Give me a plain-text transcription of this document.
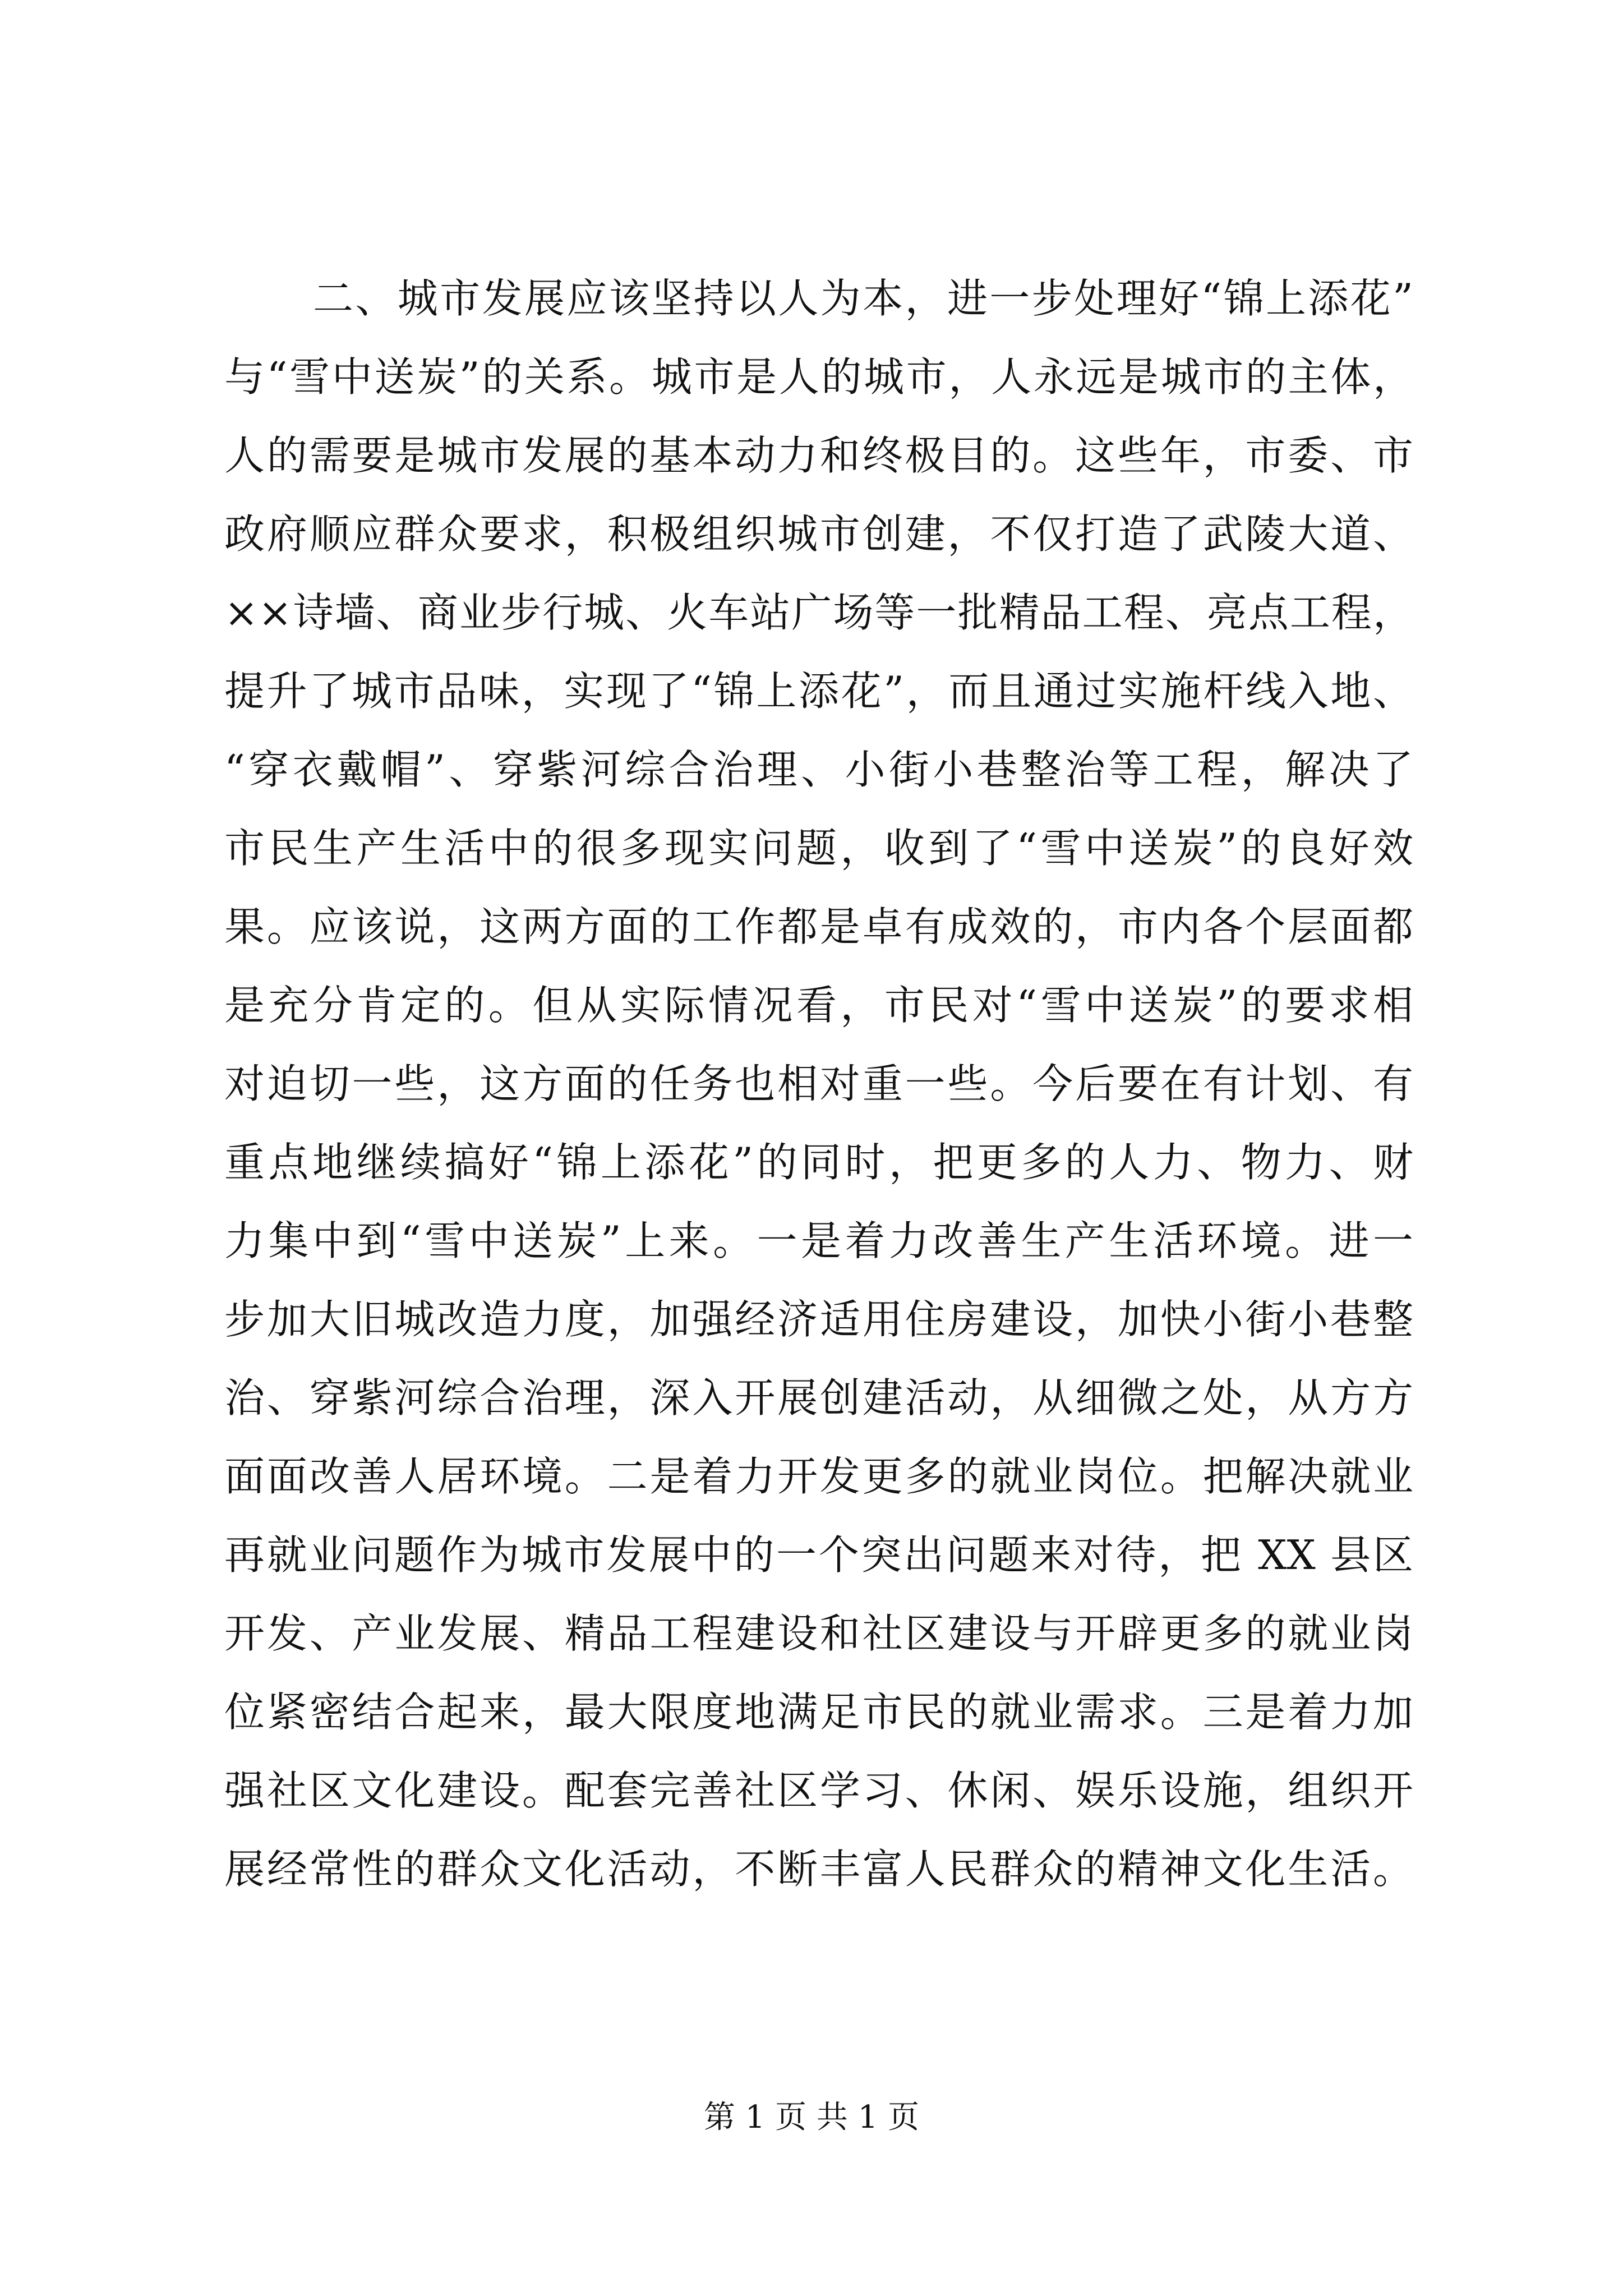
二、城市发展应该坚持以人为本，进一步处理好“锦上添花”
与“雪中送炭”的关系。城市是人的城市，人永远是城市的主体，
人的需要是城市发展的基本动力和终极目的。这些年，市委、市
政府顺应群众要求，积极组织城市创建，不仅打造了武陵大道、
××诗墙、商业步行城、火车站广场等一批精品工程、亮点工程，
提升了城市品味，实现了“锦上添花”，而且通过实施杆线入地、
“穿衣戴帽”、穿紫河综合治理、小街小巷整治等工程，解决了
市民生产生活中的很多现实问题，收到了“雪中送炭”的良好效
果。应该说，这两方面的工作都是卓有成效的，市内各个层面都
是充分肯定的。但从实际情况看，市民对“雪中送炭”的要求相
对迫切一些，这方面的任务也相对重一些。今后要在有计划、有
重点地继续搞好“锦上添花”的同时，把更多的人力、物力、财
力集中到“雪中送炭”上来。一是着力改善生产生活环境。进一
步加大旧城改造力度，加强经济适用住房建设，加快小街小巷整
治、穿紫河综合治理，深入开展创建活动，从细微之处，从方方
面面改善人居环境。二是着力开发更多的就业岗位。把解决就业
再就业问题作为城市发展中的一个突出问题来对待，把 XX 县区
开发、产业发展、精品工程建设和社区建设与开辟更多的就业岗
位紧密结合起来，最大限度地满足市民的就业需求。三是着力加
强社区文化建设。配套完善社区学习、休闲、娱乐设施，组织开
展经常性的群众文化活动，不断丰富人民群众的精神文化生活。
第 1 页 共 1 页
